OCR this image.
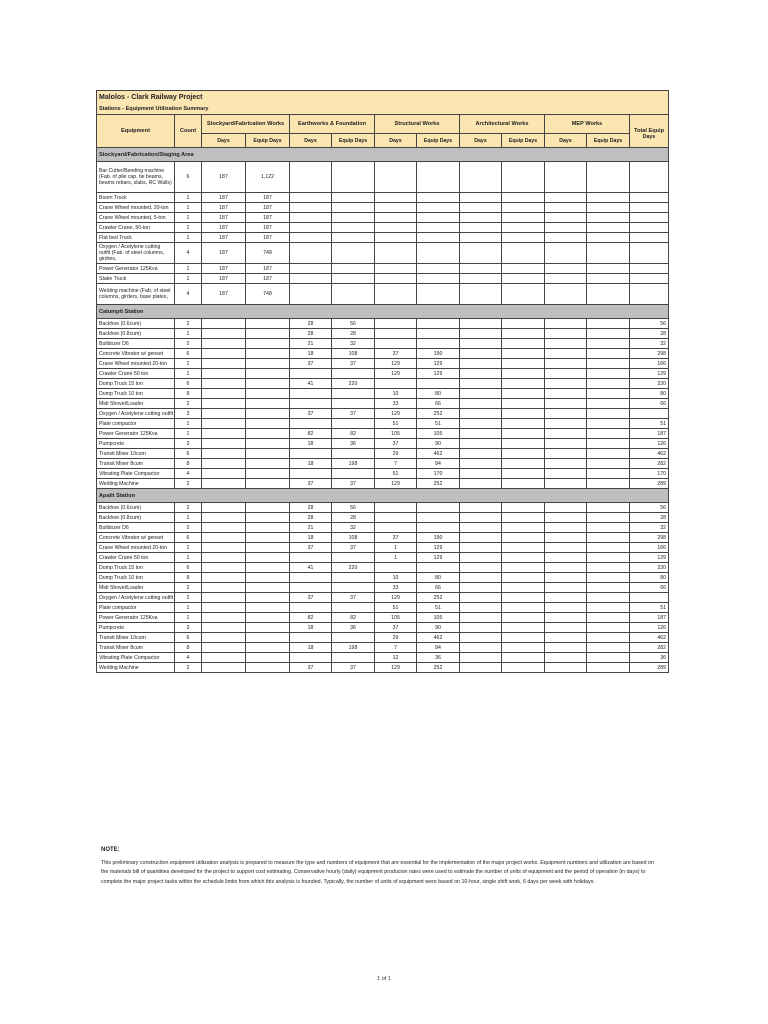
Malolos - Clark Railway Project												
Stations - Equipment Utilization Summary												
Equipment	Count	Stockyard/Fabrication Works		Earthworks & Foundation		Structural Works		Architectural Works		MEP Works		Total Equip
		Days	Equip Days	Days	Equip Days	Days	Equip Days	Days	Equip Days	Days	Equip Days	Days
Stockyard/Fabrication/Staging Area												
Bar Cutter/Bending machine (Fab. of pile cap, tie beams, beams rebars, slabs, RC Walls)	6	187	1,122									
Boom Truck	1	187	187									
Crane Wheel mounted, 20-ton	1	187	187									
Crane Wheel mounted, 5-ton	1	187	187									
Crawler Crane, 50-ton	1	187	187									
Flat bed Truck	1	187	187									
Oxygen / Acetylene cutting outfit (Fab. of steel columns, girdres,	4	187	748									
Power Generator 125Kva	1	187	187									
Stake Truck	1	187	187									
Welding machine (Fab. of steel columns, girders, base plates,	4	187	748									
Calumpit Station												
Backhoe (0.6cum)	2			28	56							56
Backhoe (0.8cum)	1			28	28							28
Bulldozer D6	2			21	32							32
Concrete Vibrator w/ genset	6			18	108	37	190					298
Crane Wheel mounted 20-ton	1			37	37	129	129					166
Crawler Crane 50 ton	1					129	129					129
Dump Truck 15 ton	6			41	220							220
Dump Truck 10 ton	8					10	80					80
Midi Shovel/Loader	2					33	66					66
Oxygen / Acetylene cutting outfit	3			37	37	129	252					
Plate compactor	1					51	51					51
Power Generator 125Kva	1			82	82	105	105					187
Pumpcrete	3			18	36	37	90					126
Transit Mixer 10cum	6					29	462					462
Transit Mixer 8cum	8			18	198	7	84					282
Vibrating Plate Compactor	4					51	170					170
Welding Machine	2			37	37	129	252					289
Apalit Station												
Backhoe (0.6cum)	2			28	56							56
Backhoe (0.8cum)	1			28	28							28
Bulldozer D6	2			21	32							32
Concrete Vibrator w/ genset	6			18	108	37	190					298
Crane Wheel mounted 20-ton	1			37	37	1	129					166
Crawler Crane 50 ton	1					1	129					129
Dump Truck 15 ton	6			41	220							220
Dump Truck 10 ton	8					10	80					80
Midi Shovel/Loader	2					33	66					66
Oxygen / Acetylene cutting outfit	2			37	37	129	252					
Plate compactor	1					51	51					51
Power Generator 125Kva	1			82	82	105	105					187
Pumpcrete	3			18	36	37	90					126
Transit Mixer 10cum	6					29	462					462
Transit Mixer 8cum	8			18	198	7	84					282
Vibrating Plate Compactor	4					12	36					36
Welding Machine	2			37	37	129	252					289
NOTE:
This preliminary construction equipment utilization analysis is prepared to measure the type and numbers of equipment that are essential for the implementation of the major project works. Equipment numbers and utilization are based on
the materials bill of quantities developed for the project to support cost estimating. Conservative hourly (daily) equipment producion rates were used to estimate the number of units of equipment and the period of operation (in days) to
complete the major project tasks within the schedule limits from which this analysis is founded. Typically, the number of units of equipment were based on 10-hour, single shift work, 6 days per week with holidays.
1 of 1
